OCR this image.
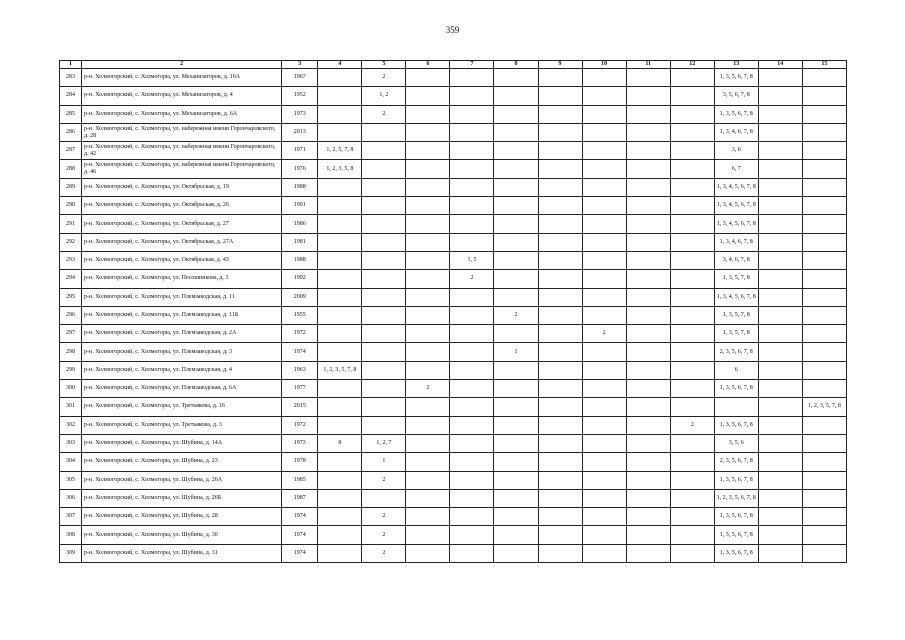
359
1	2	3	4	5	6	7	8	9	10	11	12	13	14	15
283	р-н. Холмогорский, с. Холмогоры, ул. Механизаторов, д. 10А	1967		2								1, 3, 5, 6, 7, 8		
284	р-н. Холмогорский, с. Холмогоры, ул. Механизаторов, д. 4	1952		1, 2								3, 5, 6, 7, 8		
285	р-н. Холмогорский, с. Холмогоры, ул. Механизаторов, д. 6А	1973		2								1, 3, 5, 6, 7, 8		
286	р-н. Холмогорский, с. Холмогоры, ул. набережная имени Горончаровского, д. 28	2013										1, 3, 4, 6, 7, 8		
287	р-н. Холмогорский, с. Холмогоры, ул. набережная имени Горончаровского, д. 42	1971	1, 2, 5, 7, 8									3, 6		
288	р-н. Холмогорский, с. Холмогоры, ул. набережная имени Горончаровского, д. 46	1976	1, 2, 3, 5, 8									6, 7		
289	р-н. Холмогорский, с. Холмогоры, ул. Октябрьская, д. 19	1988										1, 3, 4, 5, 6, 7, 8		
290	р-н. Холмогорский, с. Холмогоры, ул. Октябрьская, д. 26	1991										1, 3, 4, 5, 6, 7, 8		
291	р-н. Холмогорский, с. Холмогоры, ул. Октябрьская, д. 27	1986										1, 3, 4, 5, 6, 7, 8		
292	р-н. Холмогорский, с. Холмогоры, ул. Октябрьская, д. 27А	1981										1, 3, 4, 6, 7, 8		
293	р-н. Холмогорский, с. Холмогоры, ул. Октябрьская, д. 43	1988				1, 5						3, 4, 6, 7, 8		
294	р-н. Холмогорский, с. Холмогоры, ул. Песошникова, д. 3	1992				2						1, 3, 5, 7, 8		
295	р-н. Холмогорский, с. Холмогоры, ул. Племзаводская, д. 11	2009										1, 3, 4, 5, 6, 7, 8		
296	р-н. Холмогорский, с. Холмогоры, ул. Племзаводская, д. 11Б	1955					2					1, 3, 5, 7, 8		
297	р-н. Холмогорский, с. Холмогоры, ул. Племзаводская, д. 2А	1972							2			1, 3, 5, 7, 8		
298	р-н. Холмогорский, с. Холмогоры, ул. Племзаводская, д. 3	1974					1					2, 3, 5, 6, 7, 8		
299	р-н. Холмогорский, с. Холмогоры, ул. Племзаводская, д. 4	1963	1, 2, 3, 5, 7, 8									6		
300	р-н. Холмогорский, с. Холмогоры, ул. Племзаводская, д. 6А	1977			2							1, 3, 5, 6, 7, 8		
301	р-н. Холмогорский, с. Холмогоры, ул. Третьякова, д. 16	2015												1, 2, 3, 5, 7, 8
302	р-н. Холмогорский, с. Холмогоры, ул. Третьякова, д. 3	1972									2	1, 3, 5, 6, 7, 8		
303	р-н. Холмогорский, с. Холмогоры, ул. Шубина, д. 14А	1973	8	1, 2, 7								3, 5, 6		
304	р-н. Холмогорский, с. Холмогоры, ул. Шубина, д. 23	1978		1								2, 3, 5, 6, 7, 8		
305	р-н. Холмогорский, с. Холмогоры, ул. Шубина, д. 26А	1985		2								1, 3, 5, 6, 7, 8		
306	р-н. Холмогорский, с. Холмогоры, ул. Шубина, д. 26Б	1987										1, 2, 3, 5, 6, 7, 8		
307	р-н. Холмогорский, с. Холмогоры, ул. Шубина, д. 28	1974		2								1, 3, 5, 6, 7, 8		
308	р-н. Холмогорский, с. Холмогоры, ул. Шубина, д. 30	1974		2								1, 3, 5, 6, 7, 8		
309	р-н. Холмогорский, с. Холмогоры, ул. Шубина, д. 31	1974		2								1, 3, 5, 6, 7, 8		
